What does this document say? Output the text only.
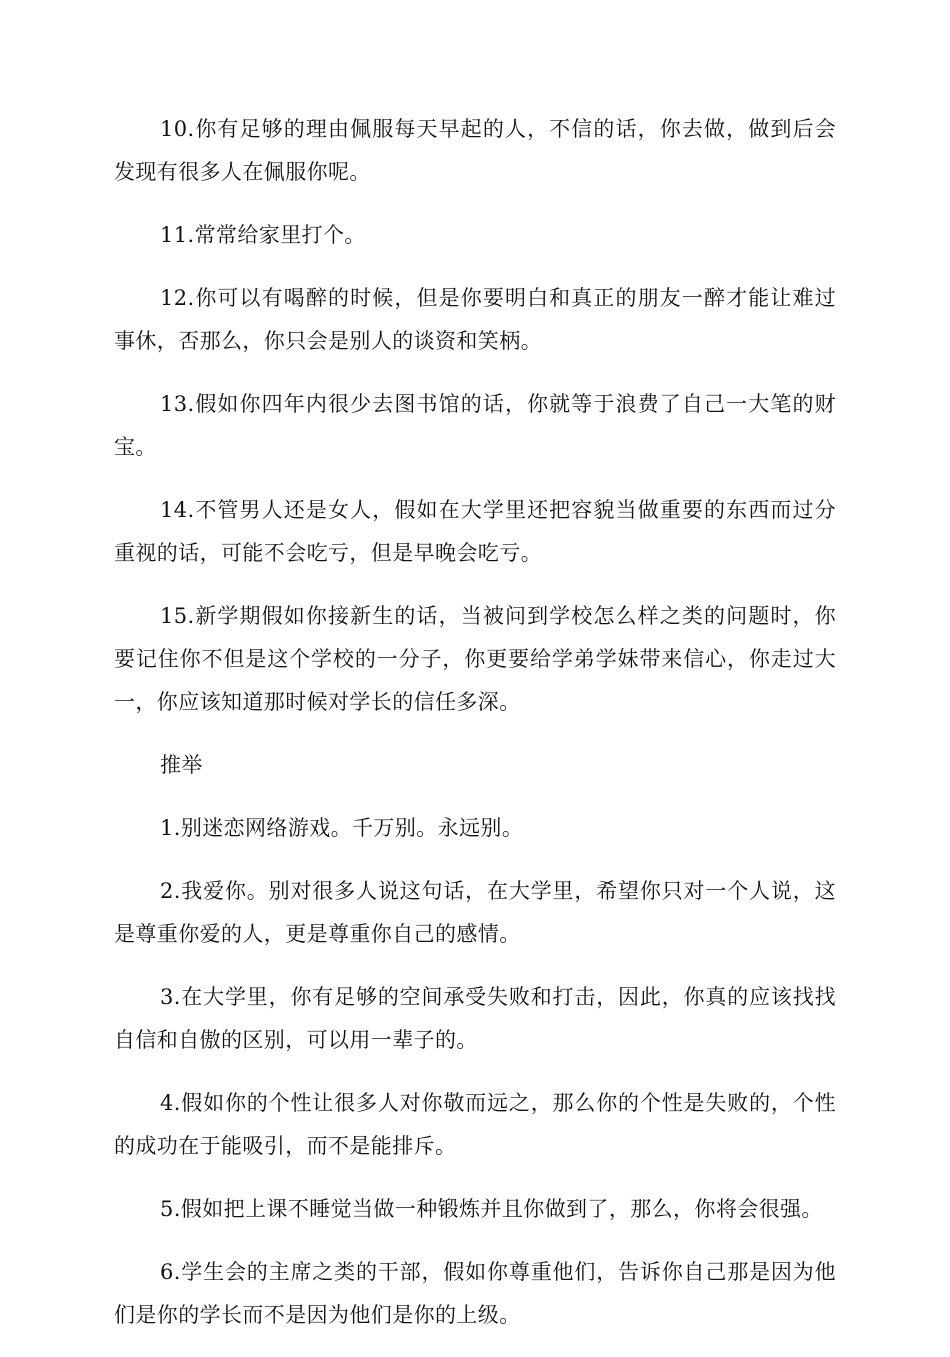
10.你有足够的理由佩服每天早起的人，不信的话，你去做，做到后会发现有很多人在佩服你呢。

11.常常给家里打个。

12.你可以有喝醉的时候，但是你要明白和真正的朋友一醉才能让难过事休，否那么，你只会是别人的谈资和笑柄。

13.假如你四年内很少去图书馆的话，你就等于浪费了自己一大笔的财宝。

14.不管男人还是女人，假如在大学里还把容貌当做重要的东西而过分重视的话，可能不会吃亏，但是早晚会吃亏。

15.新学期假如你接新生的话，当被问到学校怎么样之类的问题时，你要记住你不但是这个学校的一分子，你更要给学弟学妹带来信心，你走过大一，你应该知道那时候对学长的信任多深。

推举

1.别迷恋网络游戏。千万别。永远别。

2.我爱你。别对很多人说这句话，在大学里，希望你只对一个人说，这是尊重你爱的人，更是尊重你自己的感情。

3.在大学里，你有足够的空间承受失败和打击，因此，你真的应该找找自信和自傲的区别，可以用一辈子的。

4.假如你的个性让很多人对你敬而远之，那么你的个性是失败的，个性的成功在于能吸引，而不是能排斥。

5.假如把上课不睡觉当做一种锻炼并且你做到了，那么，你将会很强。

6.学生会的主席之类的干部，假如你尊重他们，告诉你自己那是因为他们是你的学长而不是因为他们是你的上级。
